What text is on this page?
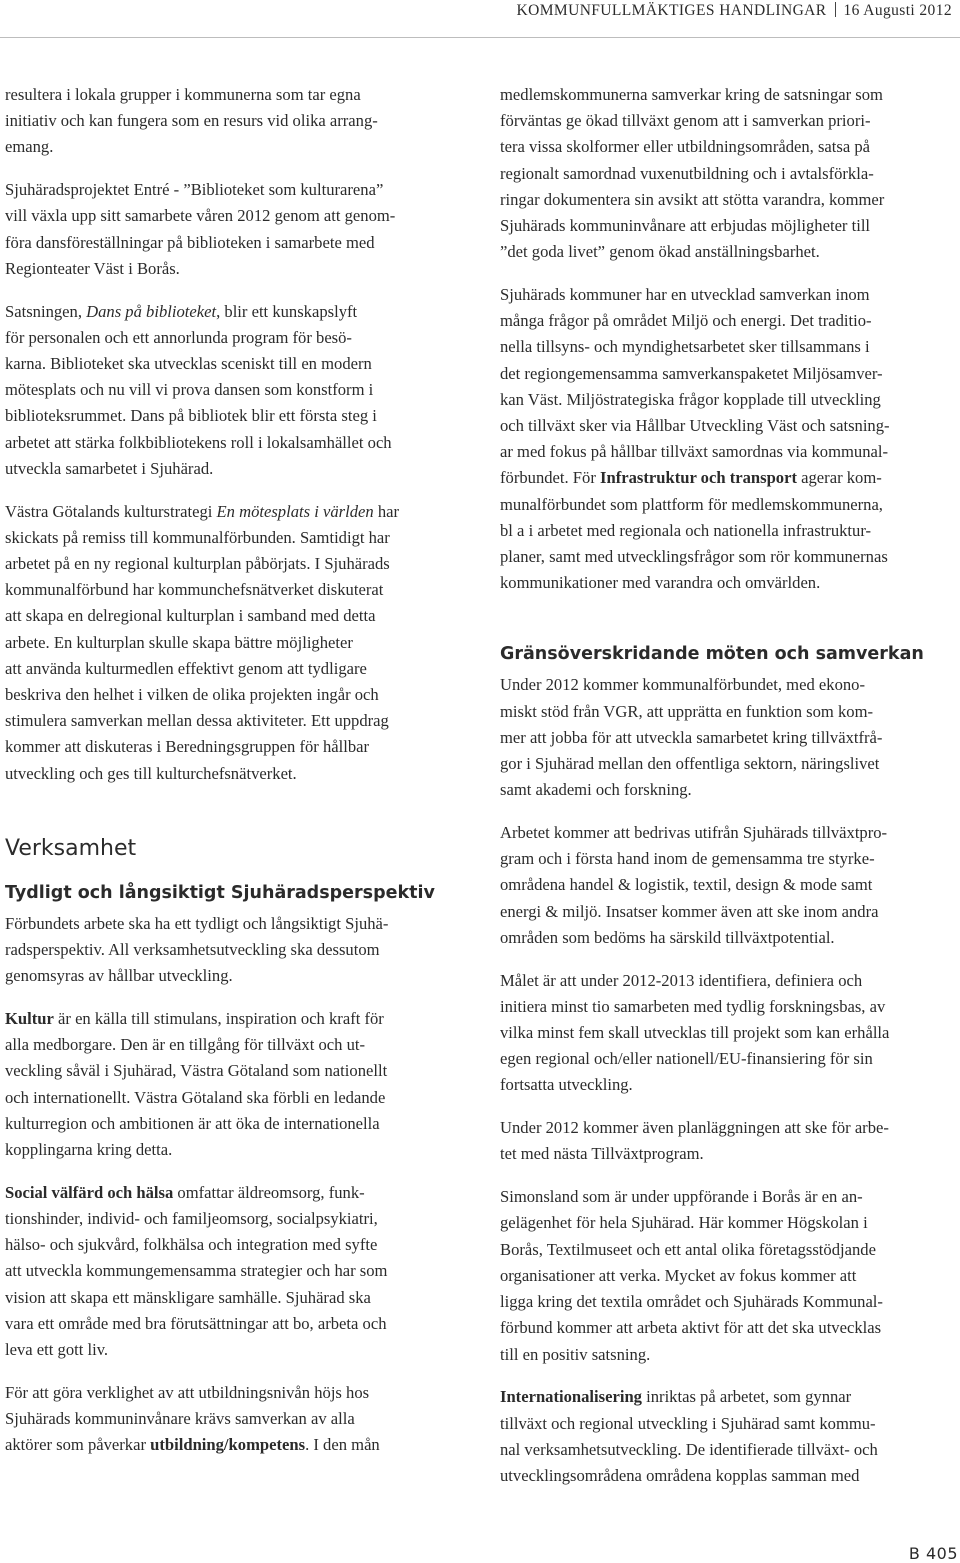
KOMMUNFULLMÄKTIGES HANDLINGAR 16 Augusti 2012

resultera i lokala grupper i kommunerna som tar egna
initiativ och kan fungera som en resurs vid olika arrang-
emang.

Sjuhäradsprojektet Entré - ”Biblioteket som kulturarena”
vill växla upp sitt samarbete våren 2012 genom att genom-
föra dansföreställningar på biblioteken i samarbete med
Regionteater Väst i Borås.

Satsningen, Dans på biblioteket, blir ett kunskapslyft
för personalen och ett annorlunda program för besö-
karna. Biblioteket ska utvecklas sceniskt till en modern
mötesplats och nu vill vi prova dansen som konstform i
biblioteksrummet. Dans på bibliotek blir ett första steg i
arbetet att stärka folkbibliotekens roll i lokalsamhället och
utveckla samarbetet i Sjuhärad.

Västra Götalands kulturstrategi En mötesplats i världen har
skickats på remiss till kommunalförbunden. Samtidigt har
arbetet på en ny regional kulturplan påbörjats. I Sjuhärads
kommunalförbund har kommunchefsnätverket diskuterat
att skapa en delregional kulturplan i samband med detta
arbete. En kulturplan skulle skapa bättre möjligheter
att använda kulturmedlen effektivt genom att tydligare
beskriva den helhet i vilken de olika projekten ingår och
stimulera samverkan mellan dessa aktiviteter. Ett uppdrag
kommer att diskuteras i Beredningsgruppen för hållbar
utveckling och ges till kulturchefsnätverket.

Verksamhet
Tydligt och långsiktigt Sjuhäradsperspektiv

Förbundets arbete ska ha ett tydligt och långsiktigt Sjuhä-
radsperspektiv. All verksamhetsutveckling ska dessutom
genomsyras av hållbar utveckling.

Kultur är en källa till stimulans, inspiration och kraft för
alla medborgare. Den är en tillgång för tillväxt och ut-
veckling såväl i Sjuhärad, Västra Götaland som nationellt
och internationellt. Västra Götaland ska förbli en ledande
kulturregion och ambitionen är att öka de internationella
kopplingarna kring detta.

Social välfärd och hälsa omfattar äldreomsorg, funk-
tionshinder, individ- och familjeomsorg, socialpsykiatri,
hälso- och sjukvård, folkhälsa och integration med syfte
att utveckla kommungemensamma strategier och har som
vision att skapa ett mänskligare samhälle. Sjuhärad ska
vara ett område med bra förutsättningar att bo, arbeta och
leva ett gott liv.

För att göra verklighet av att utbildningsnivån höjs hos
Sjuhärads kommuninvånare krävs samverkan av alla
aktörer som påverkar utbildning/kompetens. I den mån

medlemskommunerna samverkar kring de satsningar som
förväntas ge ökad tillväxt genom att i samverkan priori-
tera vissa skolformer eller utbildningsområden, satsa på
regionalt samordnad vuxenutbildning och i avtalsförkla-
ringar dokumentera sin avsikt att stötta varandra, kommer
Sjuhärads kommuninvånare att erbjudas möjligheter till
”det goda livet” genom ökad anställningsbarhet.

Sjuhärads kommuner har en utvecklad samverkan inom
många frågor på området Miljö och energi. Det traditio-
nella tillsyns- och myndighetsarbetet sker tillsammans i
det regiongemensamma samverkanspaketet Miljösamver-
kan Väst. Miljöstrategiska frågor kopplade till utveckling
och tillväxt sker via Hållbar Utveckling Väst och satsning-
ar med fokus på hållbar tillväxt samordnas via kommunal-
förbundet. För Infrastruktur och transport agerar kom-
munalförbundet som plattform för medlemskommunerna,
bl a i arbetet med regionala och nationella infrastruktur-
planer, samt med utvecklingsfrågor som rör kommunernas
kommunikationer med varandra och omvärlden.

Gränsöverskridande möten och samverkan

Under 2012 kommer kommunalförbundet, med ekono-
miskt stöd från VGR, att upprätta en funktion som kom-
mer att jobba för att utveckla samarbetet kring tillväxtfrå-
gor i Sjuhärad mellan den offentliga sektorn, näringslivet
samt akademi och forskning.

Arbetet kommer att bedrivas utifrån Sjuhärads tillväxtpro-
gram och i första hand inom de gemensamma tre styrke-
områdena handel & logistik, textil, design & mode samt
energi & miljö. Insatser kommer även att ske inom andra
områden som bedöms ha särskild tillväxtpotential.

Målet är att under 2012-2013 identifiera, definiera och
initiera minst tio samarbeten med tydlig forskningsbas, av
vilka minst fem skall utvecklas till projekt som kan erhålla
egen regional och/eller nationell/EU-finansiering för sin
fortsatta utveckling.

Under 2012 kommer även planläggningen att ske för arbe-
tet med nästa Tillväxtprogram.

Simonsland som är under uppförande i Borås är en an-
gelägenhet för hela Sjuhärad. Här kommer Högskolan i
Borås, Textilmuseet och ett antal olika företagsstödjande
organisationer att verka. Mycket av fokus kommer att
ligga kring det textila området och Sjuhärads Kommunal-
förbund kommer att arbeta aktivt för att det ska utvecklas
till en positiv satsning.

Internationalisering inriktas på arbetet, som gynnar
tillväxt och regional utveckling i Sjuhärad samt kommu-
nal verksamhetsutveckling. De identifierade tillväxt- och
utvecklingsområdena områdena kopplas samman med

B 405
